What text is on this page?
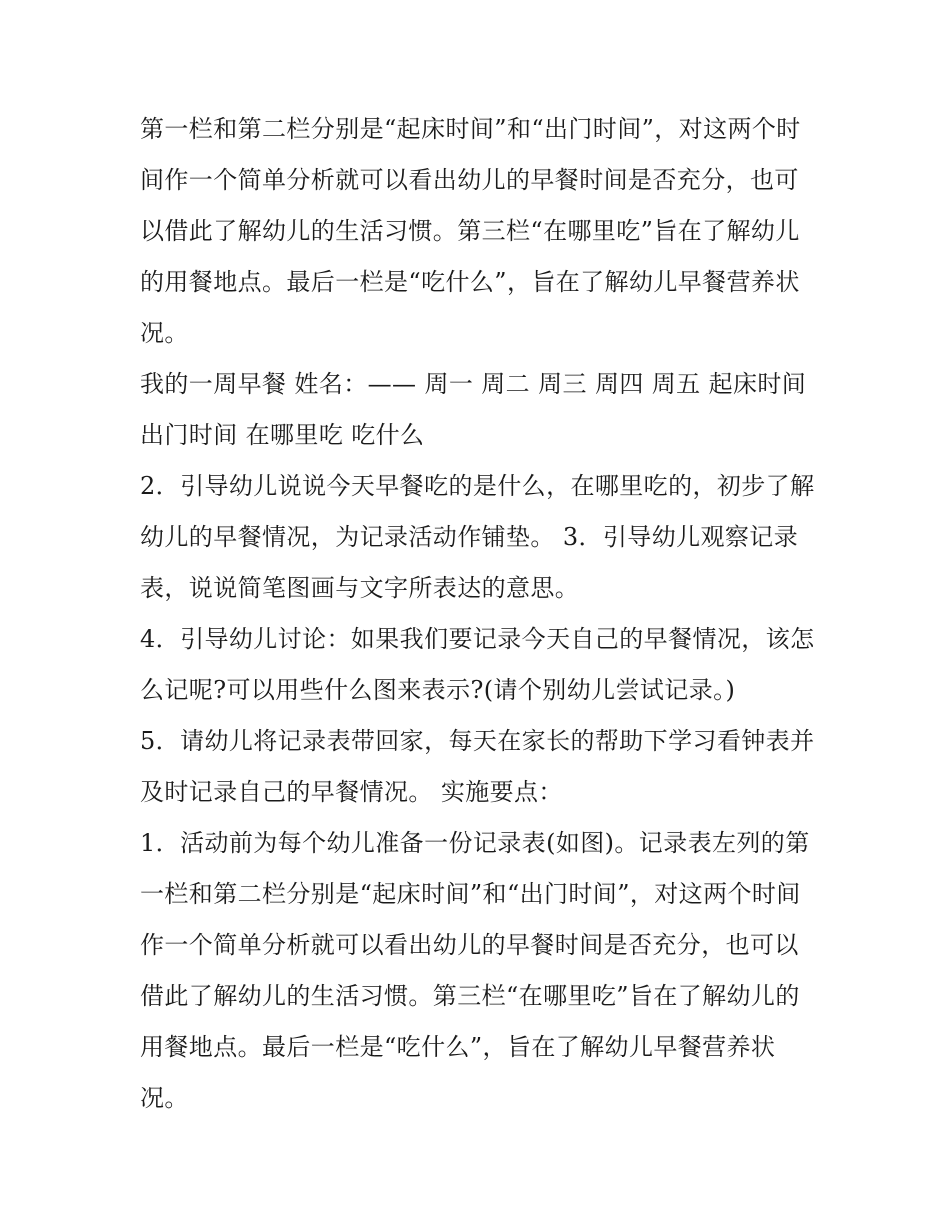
第一栏和第二栏分别是“起床时间”和“出门时间”，对这两个时间作一个简单分析就可以看出幼儿的早餐时间是否充分，也可以借此了解幼儿的生活习惯。第三栏“在哪里吃”旨在了解幼儿的用餐地点。最后一栏是“吃什么”，旨在了解幼儿早餐营养状况。

我的一周早餐 姓名：—— 周一 周二 周三 周四 周五 起床时间出门时间 在哪里吃 吃什么

2．引导幼儿说说今天早餐吃的是什么，在哪里吃的，初步了解幼儿的早餐情况，为记录活动作铺垫。 3．引导幼儿观察记录表，说说简笔图画与文字所表达的意思。

4．引导幼儿讨论：如果我们要记录今天自己的早餐情况，该怎么记呢?可以用些什么图来表示?(请个别幼儿尝试记录。)

5．请幼儿将记录表带回家，每天在家长的帮助下学习看钟表并及时记录自己的早餐情况。 实施要点：

1．活动前为每个幼儿准备一份记录表(如图)。记录表左列的第一栏和第二栏分别是“起床时间”和“出门时间”，对这两个时间作一个简单分析就可以看出幼儿的早餐时间是否充分，也可以借此了解幼儿的生活习惯。第三栏“在哪里吃”旨在了解幼儿的用餐地点。最后一栏是“吃什么”，旨在了解幼儿早餐营养状况。
